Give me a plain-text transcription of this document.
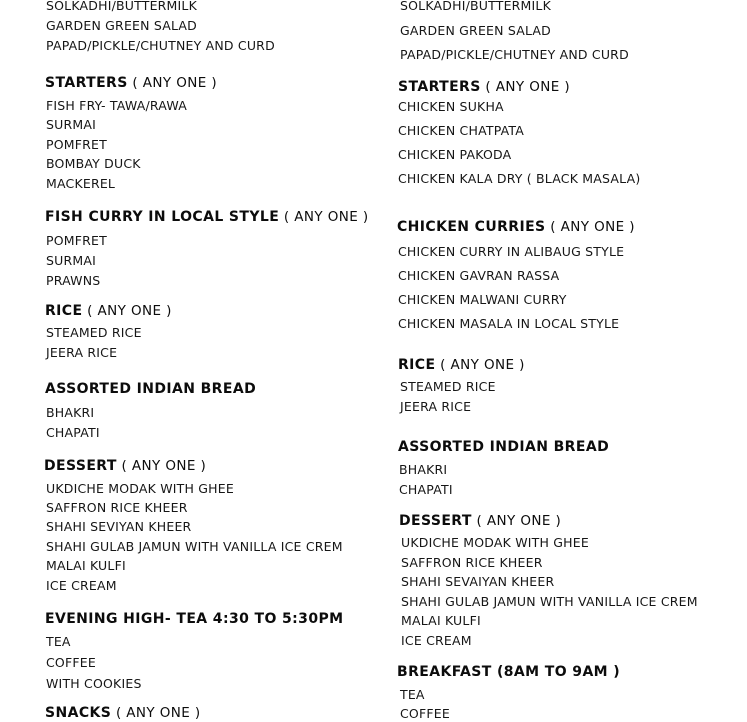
SOLKADHI/BUTTERMILK
GARDEN GREEN SALAD
PAPAD/PICKLE/CHUTNEY AND CURD
STARTERS ( ANY ONE )
FISH FRY- TAWA/RAWA
SURMAI
POMFRET
BOMBAY DUCK
MACKEREL
FISH CURRY IN LOCAL STYLE ( ANY ONE )
POMFRET
SURMAI
PRAWNS
RICE ( ANY ONE )
STEAMED RICE
JEERA RICE
ASSORTED INDIAN BREAD
BHAKRI
CHAPATI
DESSERT ( ANY ONE )
UKDICHE MODAK WITH GHEE
SAFFRON RICE KHEER
SHAHI SEVIYAN KHEER
SHAHI GULAB JAMUN WITH VANILLA ICE CREM
MALAI KULFI
ICE CREAM
EVENING HIGH- TEA 4:30 TO 5:30PM
TEA
COFFEE
WITH COOKIES
SNACKS ( ANY ONE )
SOLKADHI/BUTTERMILK
GARDEN GREEN SALAD
PAPAD/PICKLE/CHUTNEY AND CURD
STARTERS ( ANY ONE )
CHICKEN SUKHA
CHICKEN CHATPATA
CHICKEN PAKODA
CHICKEN KALA DRY ( BLACK MASALA)
CHICKEN CURRIES ( ANY ONE )
CHICKEN CURRY IN ALIBAUG STYLE
CHICKEN GAVRAN RASSA
CHICKEN MALWANI CURRY
CHICKEN MASALA IN LOCAL STYLE
RICE ( ANY ONE )
STEAMED RICE
JEERA RICE
ASSORTED INDIAN BREAD
BHAKRI
CHAPATI
DESSERT ( ANY ONE )
UKDICHE MODAK WITH GHEE
SAFFRON RICE KHEER
SHAHI SEVAIYAN KHEER
SHAHI GULAB JAMUN WITH VANILLA ICE CREM
MALAI KULFI
ICE CREAM
BREAKFAST (8AM TO 9AM )
TEA
COFFEE
